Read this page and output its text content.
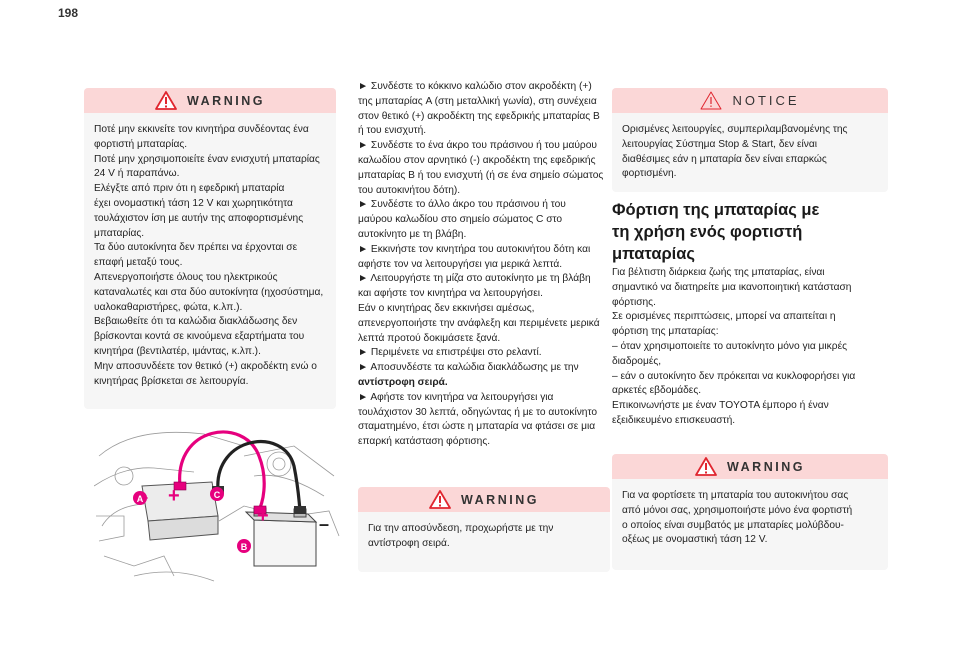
198
WARNING
Ποτέ μην εκκινείτε τον κινητήρα συνδέοντας ένα
φορτιστή μπαταρίας.
Ποτέ μην χρησιμοποιείτε έναν ενισχυτή μπαταρίας
24 V ή παραπάνω.
Ελέγξτε από πριν ότι η εφεδρική μπαταρία
έχει ονομαστική τάση 12 V και χωρητικότητα
τουλάχιστον ίση με αυτήν της αποφορτισμένης
μπαταρίας.
Τα δύο αυτοκίνητα δεν πρέπει να έρχονται σε
επαφή μεταξύ τους.
Απενεργοποιήστε όλους του ηλεκτρικούς
καταναλωτές και στα δύο αυτοκίνητα (ηχοσύστημα,
υαλοκαθαριστήρες, φώτα, κ.λπ.).
Βεβαιωθείτε ότι τα καλώδια διακλάδωσης δεν
βρίσκονται κοντά σε κινούμενα εξαρτήματα του
κινητήρα (βεντιλατέρ, ιμάντας, κ.λπ.).
Μην αποσυνδέετε τον θετικό (+) ακροδέκτη ενώ ο
κινητήρας βρίσκεται σε λειτουργία.
+
+	–
A	C
B
► Συνδέστε το κόκκινο καλώδιο στον ακροδέκτη (+)
της μπαταρίας A (στη μεταλλική γωνία), στη συνέχεια
στον θετικό (+) ακροδέκτη της εφεδρικής μπαταρίας B
ή του ενισχυτή.
► Συνδέστε το ένα άκρο του πράσινου ή του μαύρου
καλωδίου στον αρνητικό (-) ακροδέκτη της εφεδρικής
μπαταρίας B ή του ενισχυτή (ή σε ένα σημείο σώματος
του αυτοκινήτου δότη).
► Συνδέστε το άλλο άκρο του πράσινου ή του
μαύρου καλωδίου στο σημείο σώματος C στο
αυτοκίνητο με τη βλάβη.
► Εκκινήστε τον κινητήρα του αυτοκινήτου δότη και
αφήστε τον να λειτουργήσει για μερικά λεπτά.
► Λειτουργήστε τη μίζα στο αυτοκίνητο με τη βλάβη
και αφήστε τον κινητήρα να λειτουργήσει.
Εάν ο κινητήρας δεν εκκινήσει αμέσως,
απενεργοποιήστε την ανάφλεξη και περιμένετε μερικά
λεπτά προτού δοκιμάσετε ξανά.
► Περιμένετε να επιστρέψει στο ρελαντί.
► Αποσυνδέστε τα καλώδια διακλάδωσης με την
αντίστροφη σειρά.
► Αφήστε τον κινητήρα να λειτουργήσει για
τουλάχιστον 30 λεπτά, οδηγώντας ή με το αυτοκίνητο
σταματημένο, έτσι ώστε η μπαταρία να φτάσει σε μια
επαρκή κατάσταση φόρτισης.
WARNING
Για την αποσύνδεση, προχωρήστε με την
αντίστροφη σειρά.
NOTICE
Ορισμένες λειτουργίες, συμπεριλαμβανομένης της
λειτουργίας Σύστημα Stop & Start, δεν είναι
διαθέσιμες εάν η μπαταρία δεν είναι επαρκώς
φορτισμένη.
Φόρτιση της μπαταρίας με
τη χρήση ενός φορτιστή
μπαταρίας
Για βέλτιστη διάρκεια ζωής της μπαταρίας, είναι
σημαντικό να διατηρείτε μια ικανοποιητική κατάσταση
φόρτισης.
Σε ορισμένες περιπτώσεις, μπορεί να απαιτείται η
φόρτιση της μπαταρίας:
– όταν χρησιμοποιείτε το αυτοκίνητο μόνο για μικρές
διαδρομές,
– εάν ο αυτοκίνητο δεν πρόκειται να κυκλοφορήσει για
αρκετές εβδομάδες.
Επικοινωνήστε με έναν TOYOTA έμπορο ή έναν
εξειδικευμένο επισκευαστή.
WARNING
Για να φορτίσετε τη μπαταρία του αυτοκινήτου σας
από μόνοι σας, χρησιμοποιήστε μόνο ένα φορτιστή
ο οποίος είναι συμβατός με μπαταρίες μολύβδου-
οξέως με ονομαστική τάση 12 V.
